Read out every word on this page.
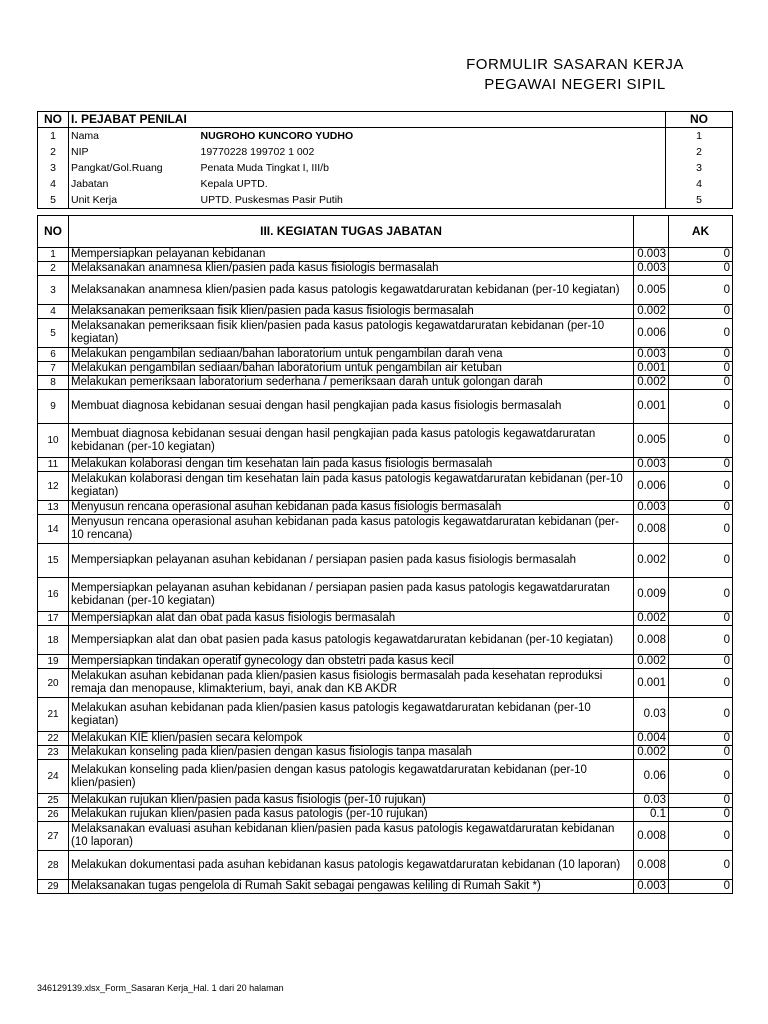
FORMULIR SASARAN KERJA
PEGAWAI NEGERI SIPIL
NO	I. PEJABAT PENILAI		NO
1	Nama	NUGROHO KUNCORO YUDHO	1
2	NIP	19770228 199702 1 002	2
3	Pangkat/Gol.Ruang	Penata Muda Tingkat I, III/b	3
4	Jabatan	Kepala UPTD.	4
5	Unit Kerja	UPTD. Puskesmas Pasir Putih	5
NO	III. KEGIATAN TUGAS JABATAN		AK
1	Mempersiapkan pelayanan kebidanan	0.003	0
2	Melaksanakan anamnesa klien/pasien pada kasus fisiologis bermasalah	0.003	0
3	Melaksanakan anamnesa klien/pasien pada kasus patologis kegawatdaruratan kebidanan (per-10 kegiatan)	0.005	0
4	Melaksanakan pemeriksaan fisik klien/pasien pada kasus fisiologis bermasalah	0.002	0
5	Melaksanakan pemeriksaan fisik klien/pasien pada kasus patologis kegawatdaruratan kebidanan (per-10 kegiatan)	0.006	0
6	Melakukan pengambilan sediaan/bahan laboratorium untuk pengambilan darah vena	0.003	0
7	Melakukan pengambilan sediaan/bahan laboratorium untuk pengambilan air ketuban	0.001	0
8	Melakukan pemeriksaan laboratorium sederhana / pemeriksaan darah untuk golongan darah	0.002	0
9	Membuat diagnosa kebidanan sesuai dengan hasil pengkajian pada kasus fisiologis bermasalah	0.001	0
10	Membuat diagnosa kebidanan sesuai dengan hasil pengkajian pada kasus patologis kegawatdaruratan kebidanan (per-10 kegiatan)	0.005	0
11	Melakukan kolaborasi dengan tim kesehatan lain pada kasus fisiologis bermasalah	0.003	0
12	Melakukan kolaborasi dengan tim kesehatan lain pada kasus patologis kegawatdaruratan kebidanan (per-10 kegiatan)	0.006	0
13	Menyusun rencana operasional asuhan kebidanan pada kasus fisiologis bermasalah	0.003	0
14	Menyusun rencana operasional asuhan kebidanan pada kasus patologis kegawatdaruratan kebidanan (per-10 rencana)	0.008	0
15	Mempersiapkan pelayanan asuhan kebidanan / persiapan pasien pada kasus fisiologis bermasalah	0.002	0
16	Mempersiapkan pelayanan asuhan kebidanan / persiapan pasien pada kasus patologis kegawatdaruratan kebidanan (per-10 kegiatan)	0.009	0
17	Mempersiapkan alat dan obat pada kasus fisiologis bermasalah	0.002	0
18	Mempersiapkan alat dan obat pasien pada kasus patologis kegawatdaruratan kebidanan (per-10 kegiatan)	0.008	0
19	Mempersiapkan tindakan operatif gynecology dan obstetri pada kasus kecil	0.002	0
20	Melakukan asuhan kebidanan pada klien/pasien kasus fisiologis bermasalah pada kesehatan reproduksi remaja dan menopause, klimakterium, bayi, anak dan KB AKDR	0.001	0
21	Melakukan asuhan kebidanan pada klien/pasien kasus patologis kegawatdaruratan kebidanan (per-10 kegiatan)	0.03	0
22	Melakukan KIE klien/pasien secara kelompok	0.004	0
23	Melakukan konseling pada klien/pasien dengan kasus fisiologis tanpa masalah	0.002	0
24	Melakukan konseling pada klien/pasien dengan kasus patologis kegawatdaruratan kebidanan (per-10 klien/pasien)	0.06	0
25	Melakukan rujukan klien/pasien pada kasus fisiologis (per-10 rujukan)	0.03	0
26	Melakukan rujukan klien/pasien pada kasus patologis (per-10 rujukan)	0.1	0
27	Melaksanakan evaluasi asuhan kebidanan klien/pasien pada kasus patologis kegawatdaruratan kebidanan (10 laporan)	0.008	0
28	Melakukan dokumentasi pada asuhan kebidanan kasus patologis kegawatdaruratan kebidanan (10 laporan)	0.008	0
29	Melaksanakan tugas pengelola di Rumah Sakit sebagai pengawas keliling di Rumah Sakit *)	0.003	0
346129139.xlsx_Form_Sasaran Kerja_Hal. 1 dari 20 halaman
